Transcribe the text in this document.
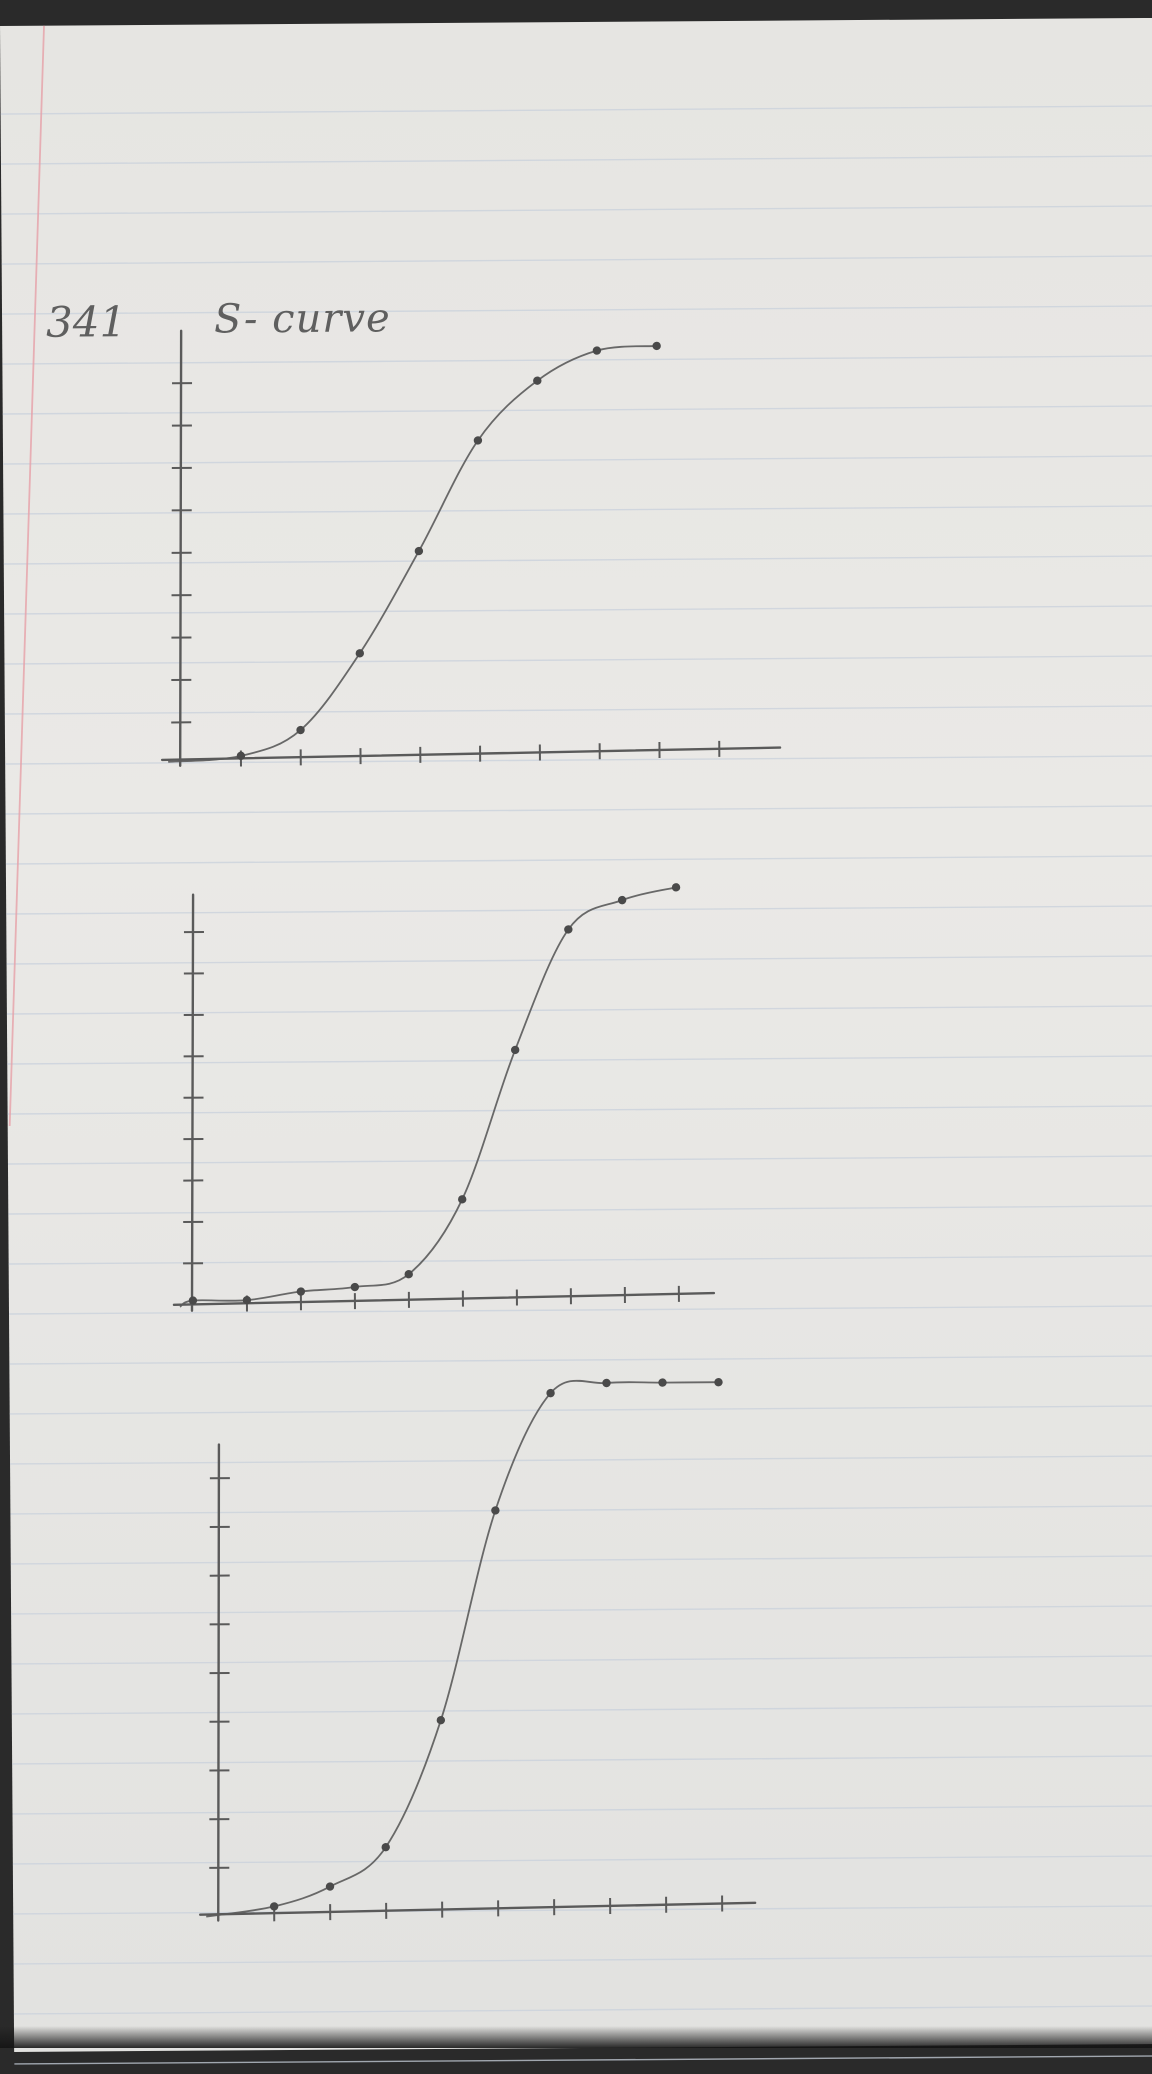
341 S- curve
